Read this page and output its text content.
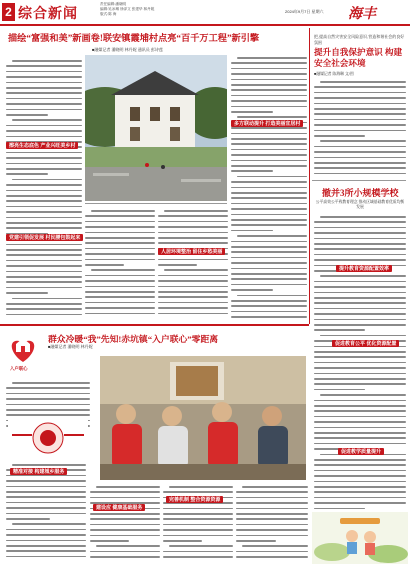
2 综合新闻
责任编辑:潘晓明
编辑:吴冰琳 徐泽文 张建华 林丹妮
版式:陈 海	2024年9月7日 星期六 海丰
描绘“富强和美”新画卷!联安镇霞埔村点亮“百千万工程”新引擎
■融媒记者 潘晓明 林丹妮 通讯员 彭诗莲
擦亮生态底色 产业兴旺美乡村
党建引领促发展 村民腰包鼓起来
人居环境整治 留住乡愁美丽
多方联动提升 打造美丽宜居村
把,提高自然灾害安全风险意识,营造和谐社会的良好氛围
提升自我保护意识 构建安全社会环境
■融媒记者 陈海琳 文/图
撤并3所小规模学校
公平高效公平致教育理念 推动区域基础教育优质均衡发展
提升教育资源配置效率
促进教育公平 优化资源配置
促进教学质量提升
群众冷暖“我”先知!赤坑镇“入户联心”零距离
■融媒记者 潘晓明 林丹妮
入户联心
精准对接 构建城乡服务
建设应 健康基础服务
完善机制 整合资源资源
